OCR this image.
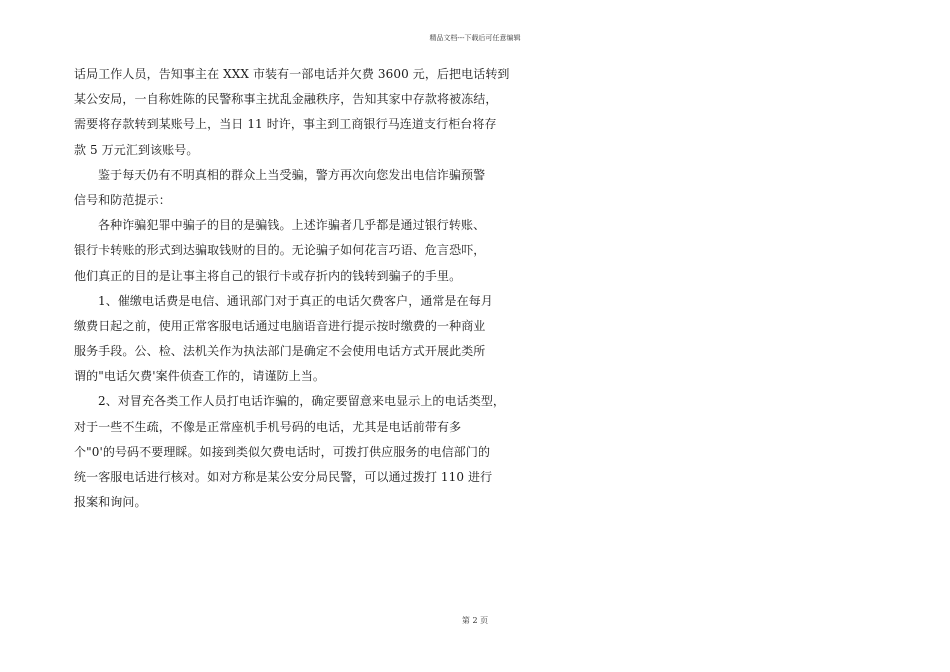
精品文档---下载后可任意编辑
话局工作人员，告知事主在 XXX 市装有一部电话并欠费 3600 元，后把电话转到
某公安局，一自称姓陈的民警称事主扰乱金融秩序，告知其家中存款将被冻结，
需要将存款转到某账号上，当日 11 时许，事主到工商银行马连道支行柜台将存
款 5 万元汇到该账号。
鉴于每天仍有不明真相的群众上当受骗，警方再次向您发出电信诈骗预警
信号和防范提示：
各种诈骗犯罪中骗子的目的是骗钱。上述诈骗者几乎都是通过银行转账、
银行卡转账的形式到达骗取钱财的目的。无论骗子如何花言巧语、危言恐吓，
他们真正的目的是让事主将自己的银行卡或存折内的钱转到骗子的手里。
1、催缴电话费是电信、通讯部门对于真正的电话欠费客户，通常是在每月
缴费日起之前，使用正常客服电话通过电脑语音进行提示按时缴费的一种商业
服务手段。公、检、法机关作为执法部门是确定不会使用电话方式开展此类所
谓的"电话欠费'案件侦查工作的，请谨防上当。
2、对冒充各类工作人员打电话诈骗的，确定要留意来电显示上的电话类型，
对于一些不生疏，不像是正常座机手机号码的电话，尤其是电话前带有多
个"0'的号码不要理睬。如接到类似欠费电话时，可拨打供应服务的电信部门的
统一客服电话进行核对。如对方称是某公安分局民警，可以通过拨打 110 进行
报案和询问。
第 2 页
